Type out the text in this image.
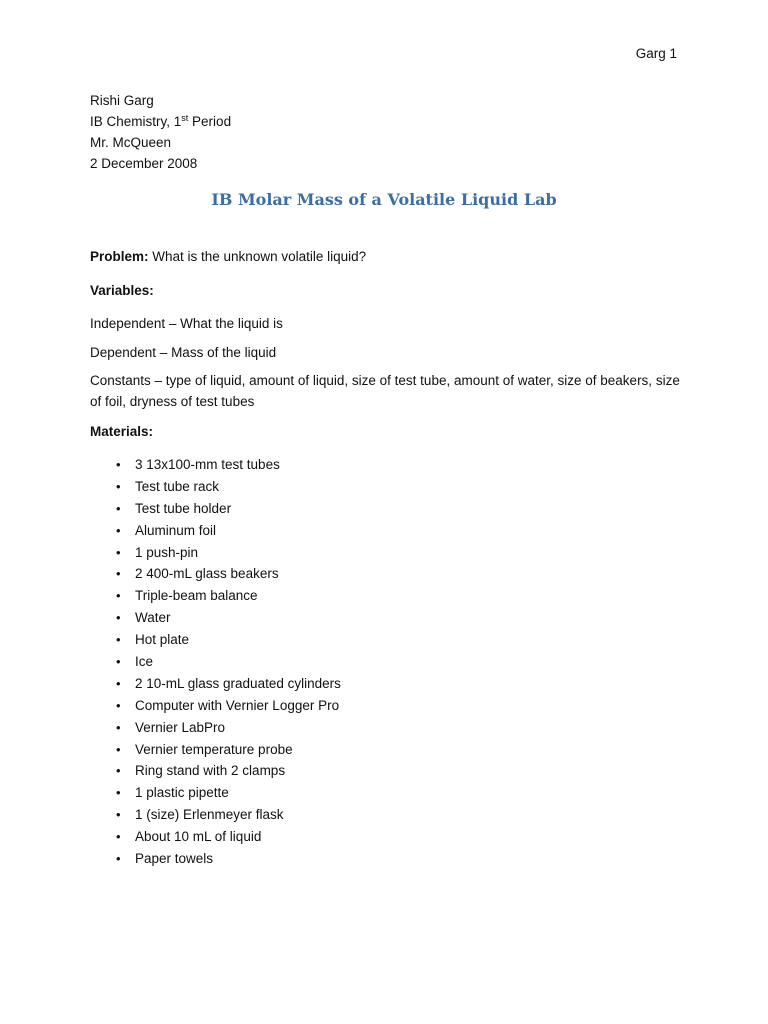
Garg 1
Rishi Garg
IB Chemistry, 1st Period
Mr. McQueen
2 December 2008
IB Molar Mass of a Volatile Liquid Lab
Problem: What is the unknown volatile liquid?
Variables:
Independent – What the liquid is
Dependent – Mass of the liquid
Constants – type of liquid, amount of liquid, size of test tube, amount of water, size of beakers, size of foil, dryness of test tubes
Materials:
• 3 13x100-mm test tubes
• Test tube rack
• Test tube holder
• Aluminum foil
• 1 push-pin
• 2 400-mL glass beakers
• Triple-beam balance
• Water
• Hot plate
• Ice
• 2 10-mL glass graduated cylinders
• Computer with Vernier Logger Pro
• Vernier LabPro
• Vernier temperature probe
• Ring stand with 2 clamps
• 1 plastic pipette
• 1 (size) Erlenmeyer flask
• About 10 mL of liquid
• Paper towels
